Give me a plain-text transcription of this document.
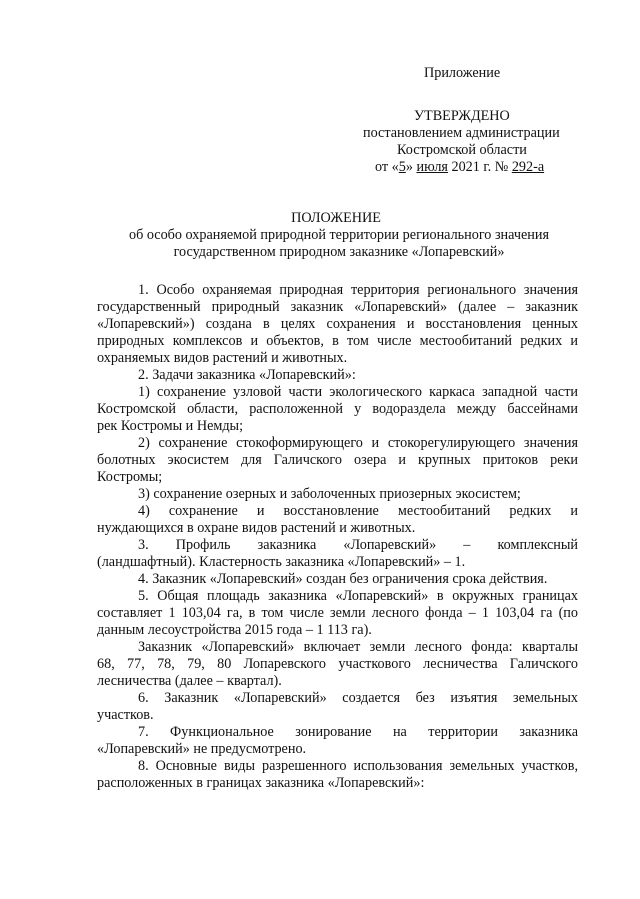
Приложение
УТВЕРЖДЕНО
постановлением администрации
Костромской области
от «5» июля 2021 г. № 292-а
ПОЛОЖЕНИЕ
об особо охраняемой природной территории регионального значения
государственном природном заказнике «Лопаревский»
1. Особо охраняемая природная территория регионального значения
государственный природный заказник «Лопаревский» (далее – заказник
«Лопаревский») создана в целях сохранения и восстановления ценных
природных комплексов и объектов, в том числе местообитаний редких и
охраняемых видов растений и животных.
2. Задачи заказника «Лопаревский»:
1) сохранение узловой части экологического каркаса западной части
Костромской области, расположенной у водораздела между бассейнами
рек Костромы и Немды;
2) сохранение стокоформирующего и стокорегулирующего значения
болотных экосистем для Галичского озера и крупных притоков реки
Костромы;
3) сохранение озерных и заболоченных приозерных экосистем;
4) сохранение и восстановление местообитаний редких и
нуждающихся в охране видов растений и животных.
3. Профиль заказника «Лопаревский» – комплексный
(ландшафтный). Кластерность заказника «Лопаревский» – 1.
4. Заказник «Лопаревский» создан без ограничения срока действия.
5. Общая площадь заказника «Лопаревский» в окружных границах
составляет 1 103,04 га, в том числе земли лесного фонда – 1 103,04 га (по
данным лесоустройства 2015 года – 1 113 га).
Заказник «Лопаревский» включает земли лесного фонда: кварталы
68, 77, 78, 79, 80 Лопаревского участкового лесничества Галичского
лесничества (далее – квартал).
6. Заказник «Лопаревский» создается без изъятия земельных
участков.
7. Функциональное зонирование на территории заказника
«Лопаревский» не предусмотрено.
8. Основные виды разрешенного использования земельных участков,
расположенных в границах заказника «Лопаревский»:
